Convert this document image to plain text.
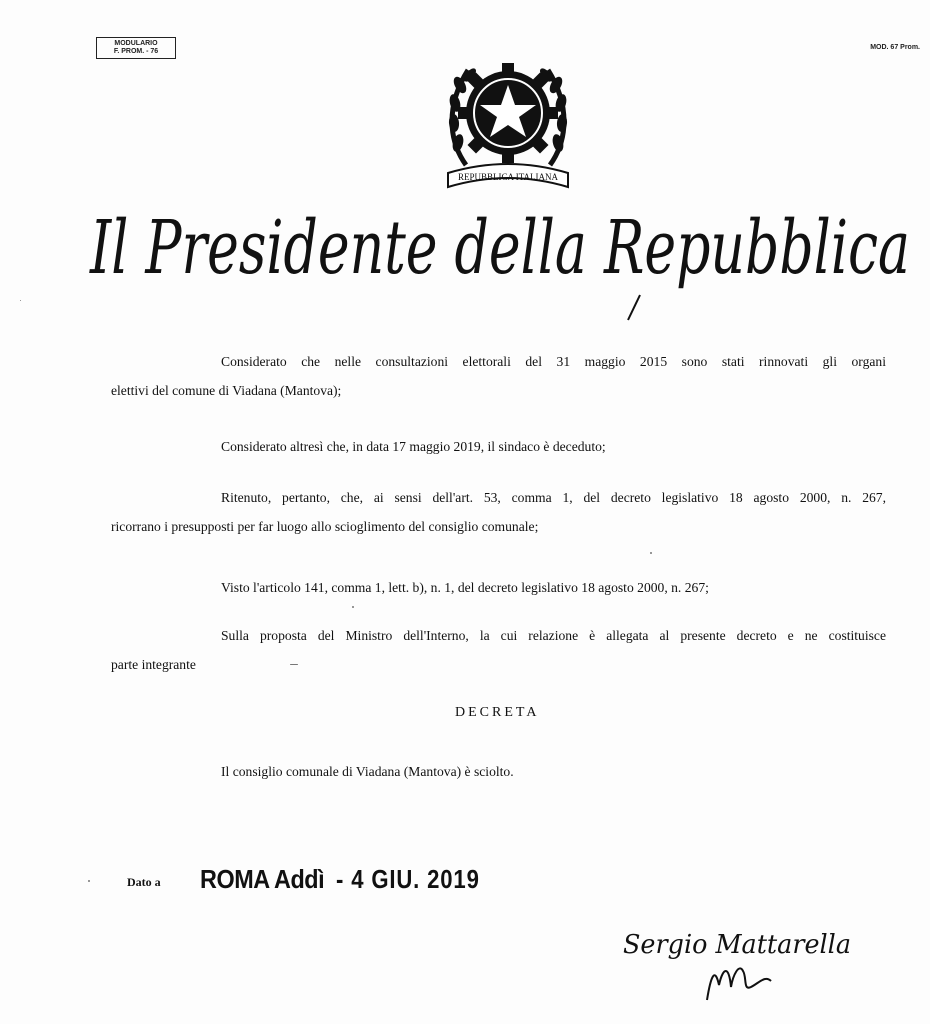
MODULARIO
F. PROM. - 76
MOD. 67 Prom.
REPUBBLICA ITALIANA
Il Presidente della Repubblica
Considerato che nelle consultazioni elettorali del 31 maggio 2015 sono stati rinnovati gli organi
elettivi del comune di Viadana (Mantova);
Considerato altresì che, in data 17 maggio 2019, il sindaco è deceduto;
Ritenuto, pertanto, che, ai sensi dell'art. 53, comma 1, del decreto legislativo 18 agosto 2000, n. 267,
ricorrano i presupposti per far luogo allo scioglimento del consiglio comunale;
Visto l'articolo 141, comma 1, lett. b), n. 1, del decreto legislativo 18 agosto 2000, n. 267;
Sulla proposta del Ministro dell'Interno, la cui relazione è allegata al presente decreto e ne costituisce
parte integrante
DECRETA
Il consiglio comunale di Viadana (Mantova) è sciolto.
Dato a ROMA Addì - 4 GIU. 2019
Sergio Mattarella
